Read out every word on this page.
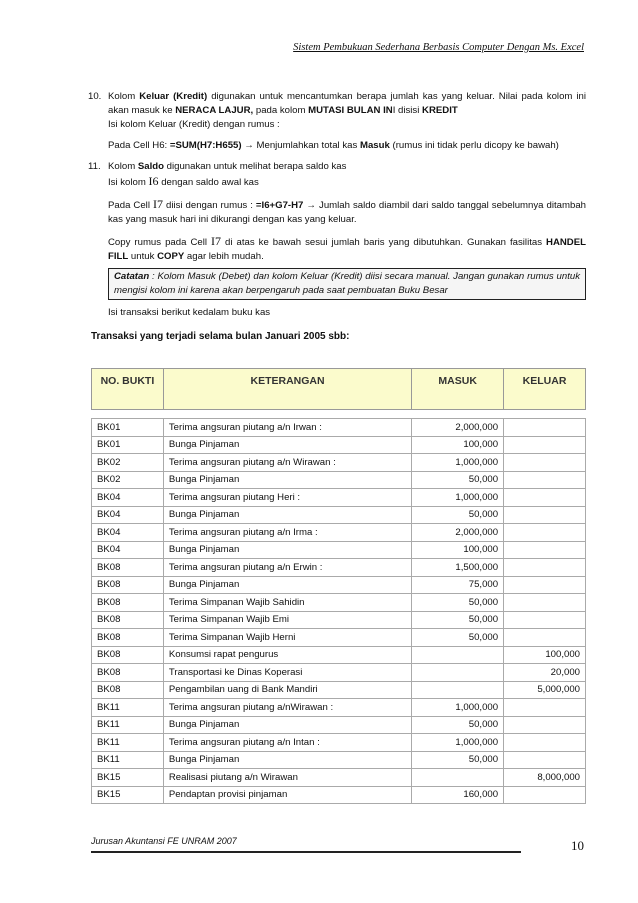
Sistem Pembukuan Sederhana Berbasis Computer Dengan Ms. Excel
10. Kolom Keluar (Kredit) digunakan untuk mencantumkan berapa jumlah kas yang keluar. Nilai pada kolom ini akan masuk ke NERACA LAJUR, pada kolom MUTASI BULAN INI disisi KREDIT

Isi kolom Keluar (Kredit) dengan rumus :

Pada Cell H6: =SUM(H7:H655) → Menjumlahkan total kas Masuk (rumus ini tidak perlu dicopy ke bawah)

11. Kolom Saldo digunakan untuk melihat berapa saldo kas

Isi kolom I6 dengan saldo awal kas

Pada Cell I7 diisi dengan rumus : =I6+G7-H7 → Jumlah saldo diambil dari saldo tanggal sebelumnya ditambah kas yang masuk hari ini dikurangi dengan kas yang keluar.

Copy rumus pada Cell I7 di atas ke bawah sesui jumlah baris yang dibutuhkan. Gunakan fasilitas HANDEL FILL untuk COPY agar lebih mudah.

Catatan : Kolom Masuk (Debet) dan kolom Keluar (Kredit) diisi secara manual. Jangan gunakan rumus untuk mengisi kolom ini karena akan berpengaruh pada saat pembuatan Buku Besar

Isi transaksi berikut kedalam buku kas

Transaksi yang terjadi selama bulan Januari 2005 sbb:
NO. BUKTI	KETERANGAN	MASUK	KELUAR

BK01	Terima angsuran piutang a/n Irwan :	2,000,000	
BK01	Bunga Pinjaman	100,000	
BK02	Terima angsuran piutang a/n Wirawan :	1,000,000	
BK02	Bunga Pinjaman	50,000	
BK04	Terima angsuran piutang Heri :	1,000,000	
BK04	Bunga Pinjaman	50,000	
BK04	Terima angsuran piutang a/n Irma :	2,000,000	
BK04	Bunga Pinjaman	100,000	
BK08	Terima angsuran piutang a/n Erwin :	1,500,000	
BK08	Bunga Pinjaman	75,000	
BK08	Terima Simpanan Wajib Sahidin	50,000	
BK08	Terima Simpanan Wajib Emi	50,000	
BK08	Terima Simpanan Wajib Herni	50,000	
BK08	Konsumsi rapat pengurus		100,000
BK08	Transportasi ke Dinas Koperasi		20,000
BK08	Pengambilan uang di Bank Mandiri		5,000,000
BK11	Terima angsuran piutang a/nWirawan :	1,000,000	
BK11	Bunga Pinjaman	50,000	
BK11	Terima angsuran piutang a/n Intan :	1,000,000	
BK11	Bunga Pinjaman	50,000	
BK15	Realisasi piutang a/n Wirawan		8,000,000
BK15	Pendaptan provisi pinjaman	160,000	
Jurusan Akuntansi FE UNRAM 2007	10
